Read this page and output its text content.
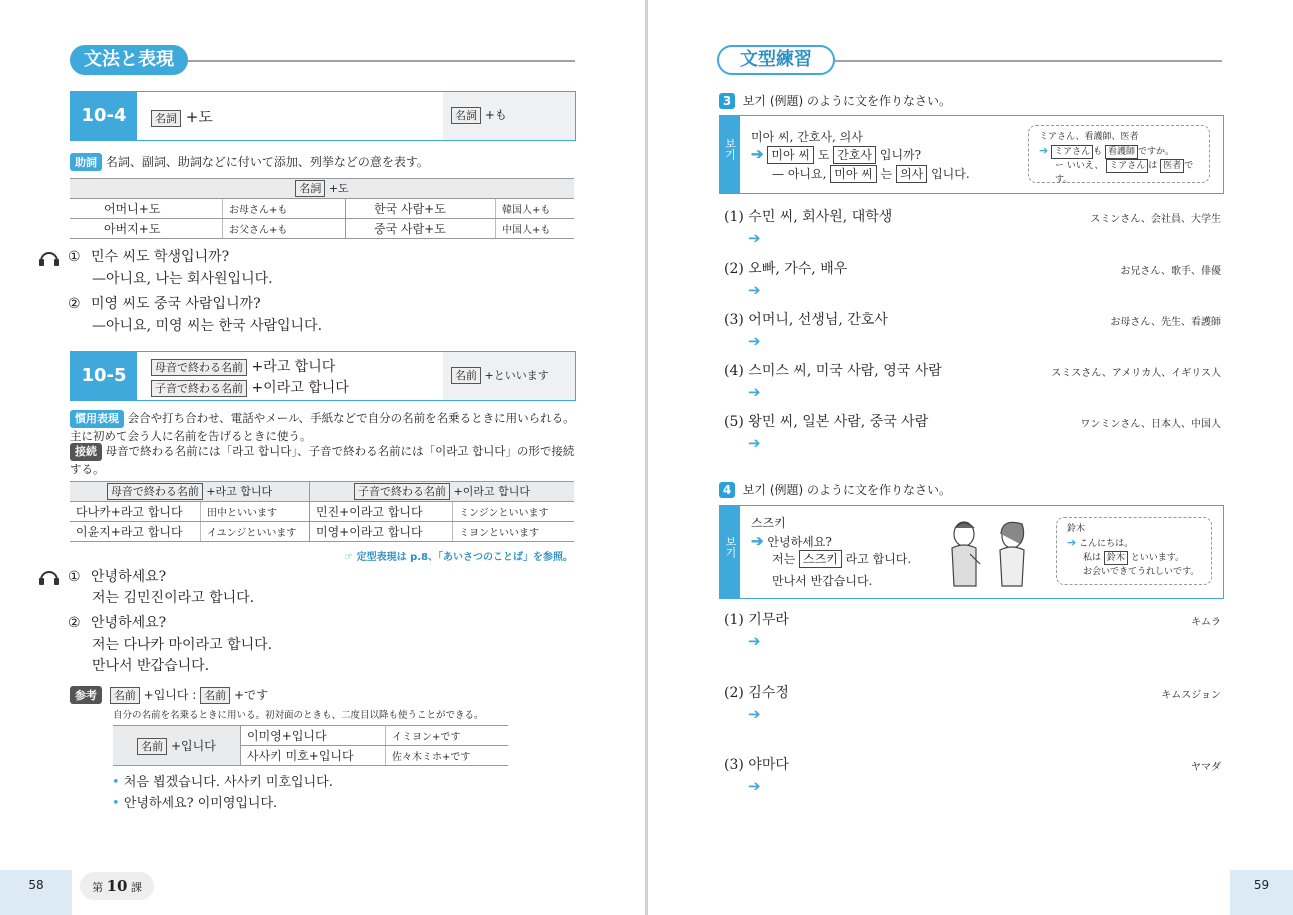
文法と表現
10-4	名詞 +도	名詞 +も
助詞 名詞、副詞、助詞などに付いて添加、列挙などの意を表す。
名詞 +도			
어머니+도	お母さん+も	한국 사람+도	韓国人+も
아버지+도	お父さん+も	중국 사람+도	中国人+も
24 ① 민수 씨도 학생입니까?
—아니요, 나는 회사원입니다.
② 미영 씨도 중국 사람입니까?
—아니요, 미영 씨는 한국 사람입니다.
10-5	母音で終わる名前 +라고 합니다
子音で終わる名前 +이라고 합니다
名前 +といいます
慣用表現 会合や打ち合わせ、電話やメール、手紙などで自分の名前を名乗るときに用いられる。主に初めて会う人に名前を告げるときに使う。
接続 母音で終わる名前には「라고 합니다」、子音で終わる名前には「이라고 합니다」の形で接続する。
母音で終わる名前 +라고 합니다		子音で終わる名前 +이라고 합니다	
다나카+라고 합니다	田中といいます	민진+이라고 합니다	ミンジンといいます
이윤지+라고 합니다	イユンジといいます	미영+이라고 합니다	ミヨンといいます
☞ 定型表現は p.8、「あいさつのことば」を参照。
25 ① 안녕하세요?
저는 김민진이라고 합니다.
② 안녕하세요?
저는 다나카 마이라고 합니다.
만나서 반갑습니다.
参考 名前 +입니다 : 名前 +です
自分の名前を名乗るときに用いる。初対面のときも、二度目以降も使うことができる。
名前 +입니다	이미영+입니다	イミヨン+です
	사사키 미호+입니다	佐々木ミホ+です
• 처음 뵙겠습니다. 사사키 미호입니다.
• 안녕하세요? 이미영입니다.
58	第 10 課
文型練習
3 보기 (例題) のように文を作りなさい。
보기
미아 씨, 간호사, 의사
➔ 미아 씨 도 간호사 입니까?
— 아니요, 미아 씨 는 의사 입니다.
ミアさん、看護師、医者
➔ ミアさん も 看護師 ですか。
ー いいえ、 ミアさん は 医者 です。
(1) 수민 씨, 회사원, 대학생	スミンさん、会社員、大学生
➔
(2) 오빠, 가수, 배우	お兄さん、歌手、俳優
➔
(3) 어머니, 선생님, 간호사	お母さん、先生、看護師
➔
(4) 스미스 씨, 미국 사람, 영국 사람	スミスさん、アメリカ人、イギリス人
➔
(5) 왕민 씨, 일본 사람, 중국 사람	ワンミンさん、日本人、中国人
➔
4 보기 (例題) のように文を作りなさい。
보기
스즈키
➔ 안녕하세요?
저는 스즈키 라고 합니다.
만나서 반갑습니다.
鈴木
➔ こんにちは。
私は 鈴木 といいます。
お会いできてうれしいです。
(1) 기무라	キムラ
➔
(2) 김수정	キムスジョン
➔
(3) 야마다	ヤマダ
➔
59
